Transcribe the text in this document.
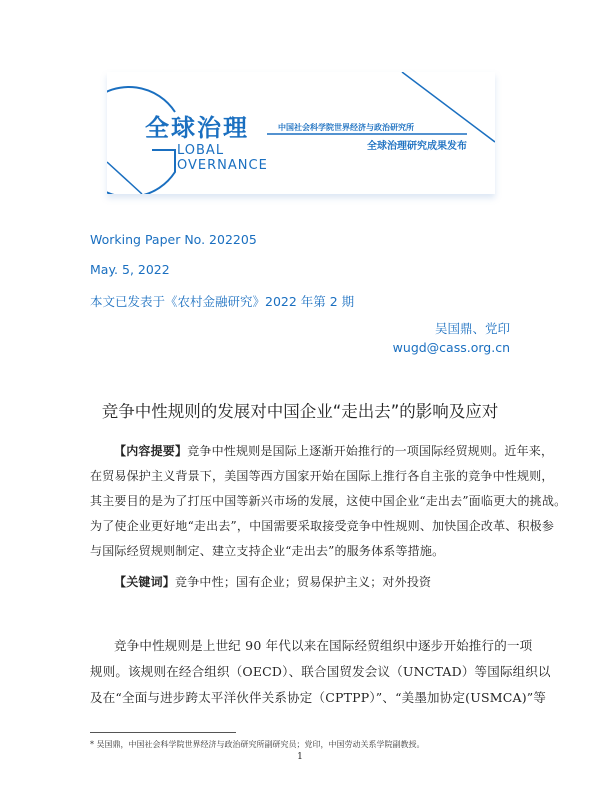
全球治理
LOBAL
OVERNANCE
中国社会科学院世界经济与政治研究所
全球治理研究成果发布
Working Paper No. 202205
May. 5, 2022
本文已发表于《农村金融研究》2022 年第 2 期
吴国鼎、党印
wugd@cass.org.cn
竞争中性规则的发展对中国企业“走出去”的影响及应对
【内容提要】竞争中性规则是国际上逐渐开始推行的一项国际经贸规则。近年来，
在贸易保护主义背景下，美国等西方国家开始在国际上推行各自主张的竞争中性规则，
其主要目的是为了打压中国等新兴市场的发展，这使中国企业“走出去”面临更大的挑战。
为了使企业更好地“走出去”，中国需要采取接受竞争中性规则、加快国企改革、积极参
与国际经贸规则制定、建立支持企业“走出去”的服务体系等措施。
【关键词】竞争中性；国有企业；贸易保护主义；对外投资
竞争中性规则是上世纪 90 年代以来在国际经贸组织中逐步开始推行的一项
规则。该规则在经合组织（OECD）、联合国贸发会议（UNCTAD）等国际组织以
及在“全面与进步跨太平洋伙伴关系协定（CPTPP）”、“美墨加协定(USMCA)”等
* 吴国鼎，中国社会科学院世界经济与政治研究所副研究员；党印，中国劳动关系学院副教授。
1
